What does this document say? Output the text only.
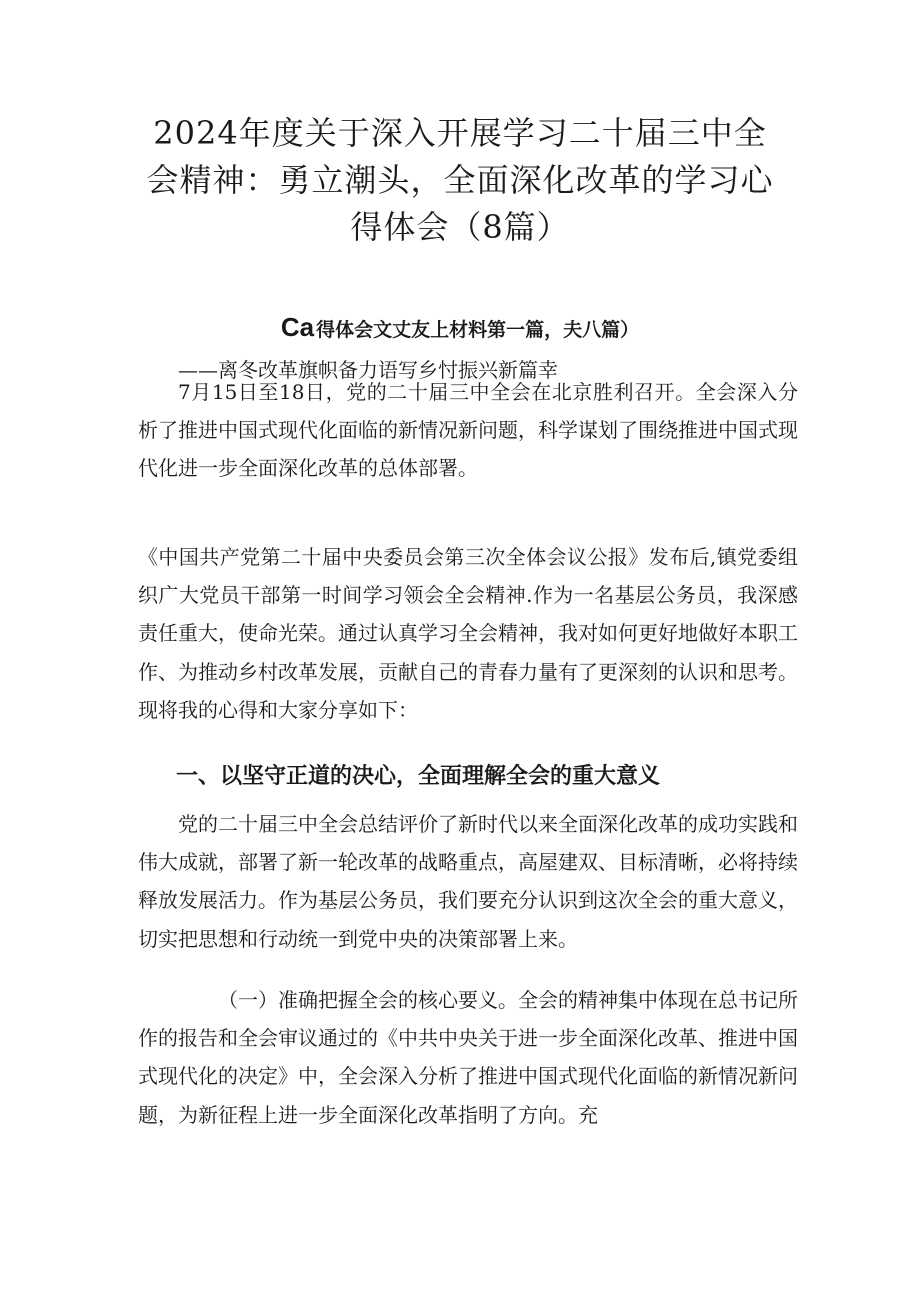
2024年度关于深入开展学习二十届三中全会精神：勇立潮头，全面深化改革的学习心得体会（8篇）

Ca 得体会文丈友上材料第一篇，夫八篇）

——离冬改革旗帜备力语写乡忖振兴新篇幸

7月15日至18日，党的二十届三中全会在北京胜利召开。全会深入分析了推进中国式现代化面临的新情况新问题，科学谋划了围绕推进中国式现代化进一步全面深化改革的总体部署。

《中国共产党第二十届中央委员会第三次全体会议公报》发布后,镇党委组织广大党员干部第一时间学习领会全会精神.作为一名基层公务员，我深感责任重大，使命光荣。通过认真学习全会精神，我对如何更好地做好本职工作、为推动乡村改革发展，贡献自己的青春力量有了更深刻的认识和思考。现将我的心得和大家分享如下：

一、以坚守正道的决心，全面理解全会的重大意义

党的二十届三中全会总结评价了新时代以来全面深化改革的成功实践和伟大成就，部署了新一轮改革的战略重点，高屋建双、目标清晰，必将持续释放发展活力。作为基层公务员，我们要充分认识到这次全会的重大意义，切实把思想和行动统一到党中央的决策部署上来。

（一）准确把握全会的核心要义。全会的精神集中体现在总书记所作的报告和全会审议通过的《中共中央关于进一步全面深化改革、推进中国式现代化的决定》中，全会深入分析了推进中国式现代化面临的新情况新问题，为新征程上进一步全面深化改革指明了方向。充
